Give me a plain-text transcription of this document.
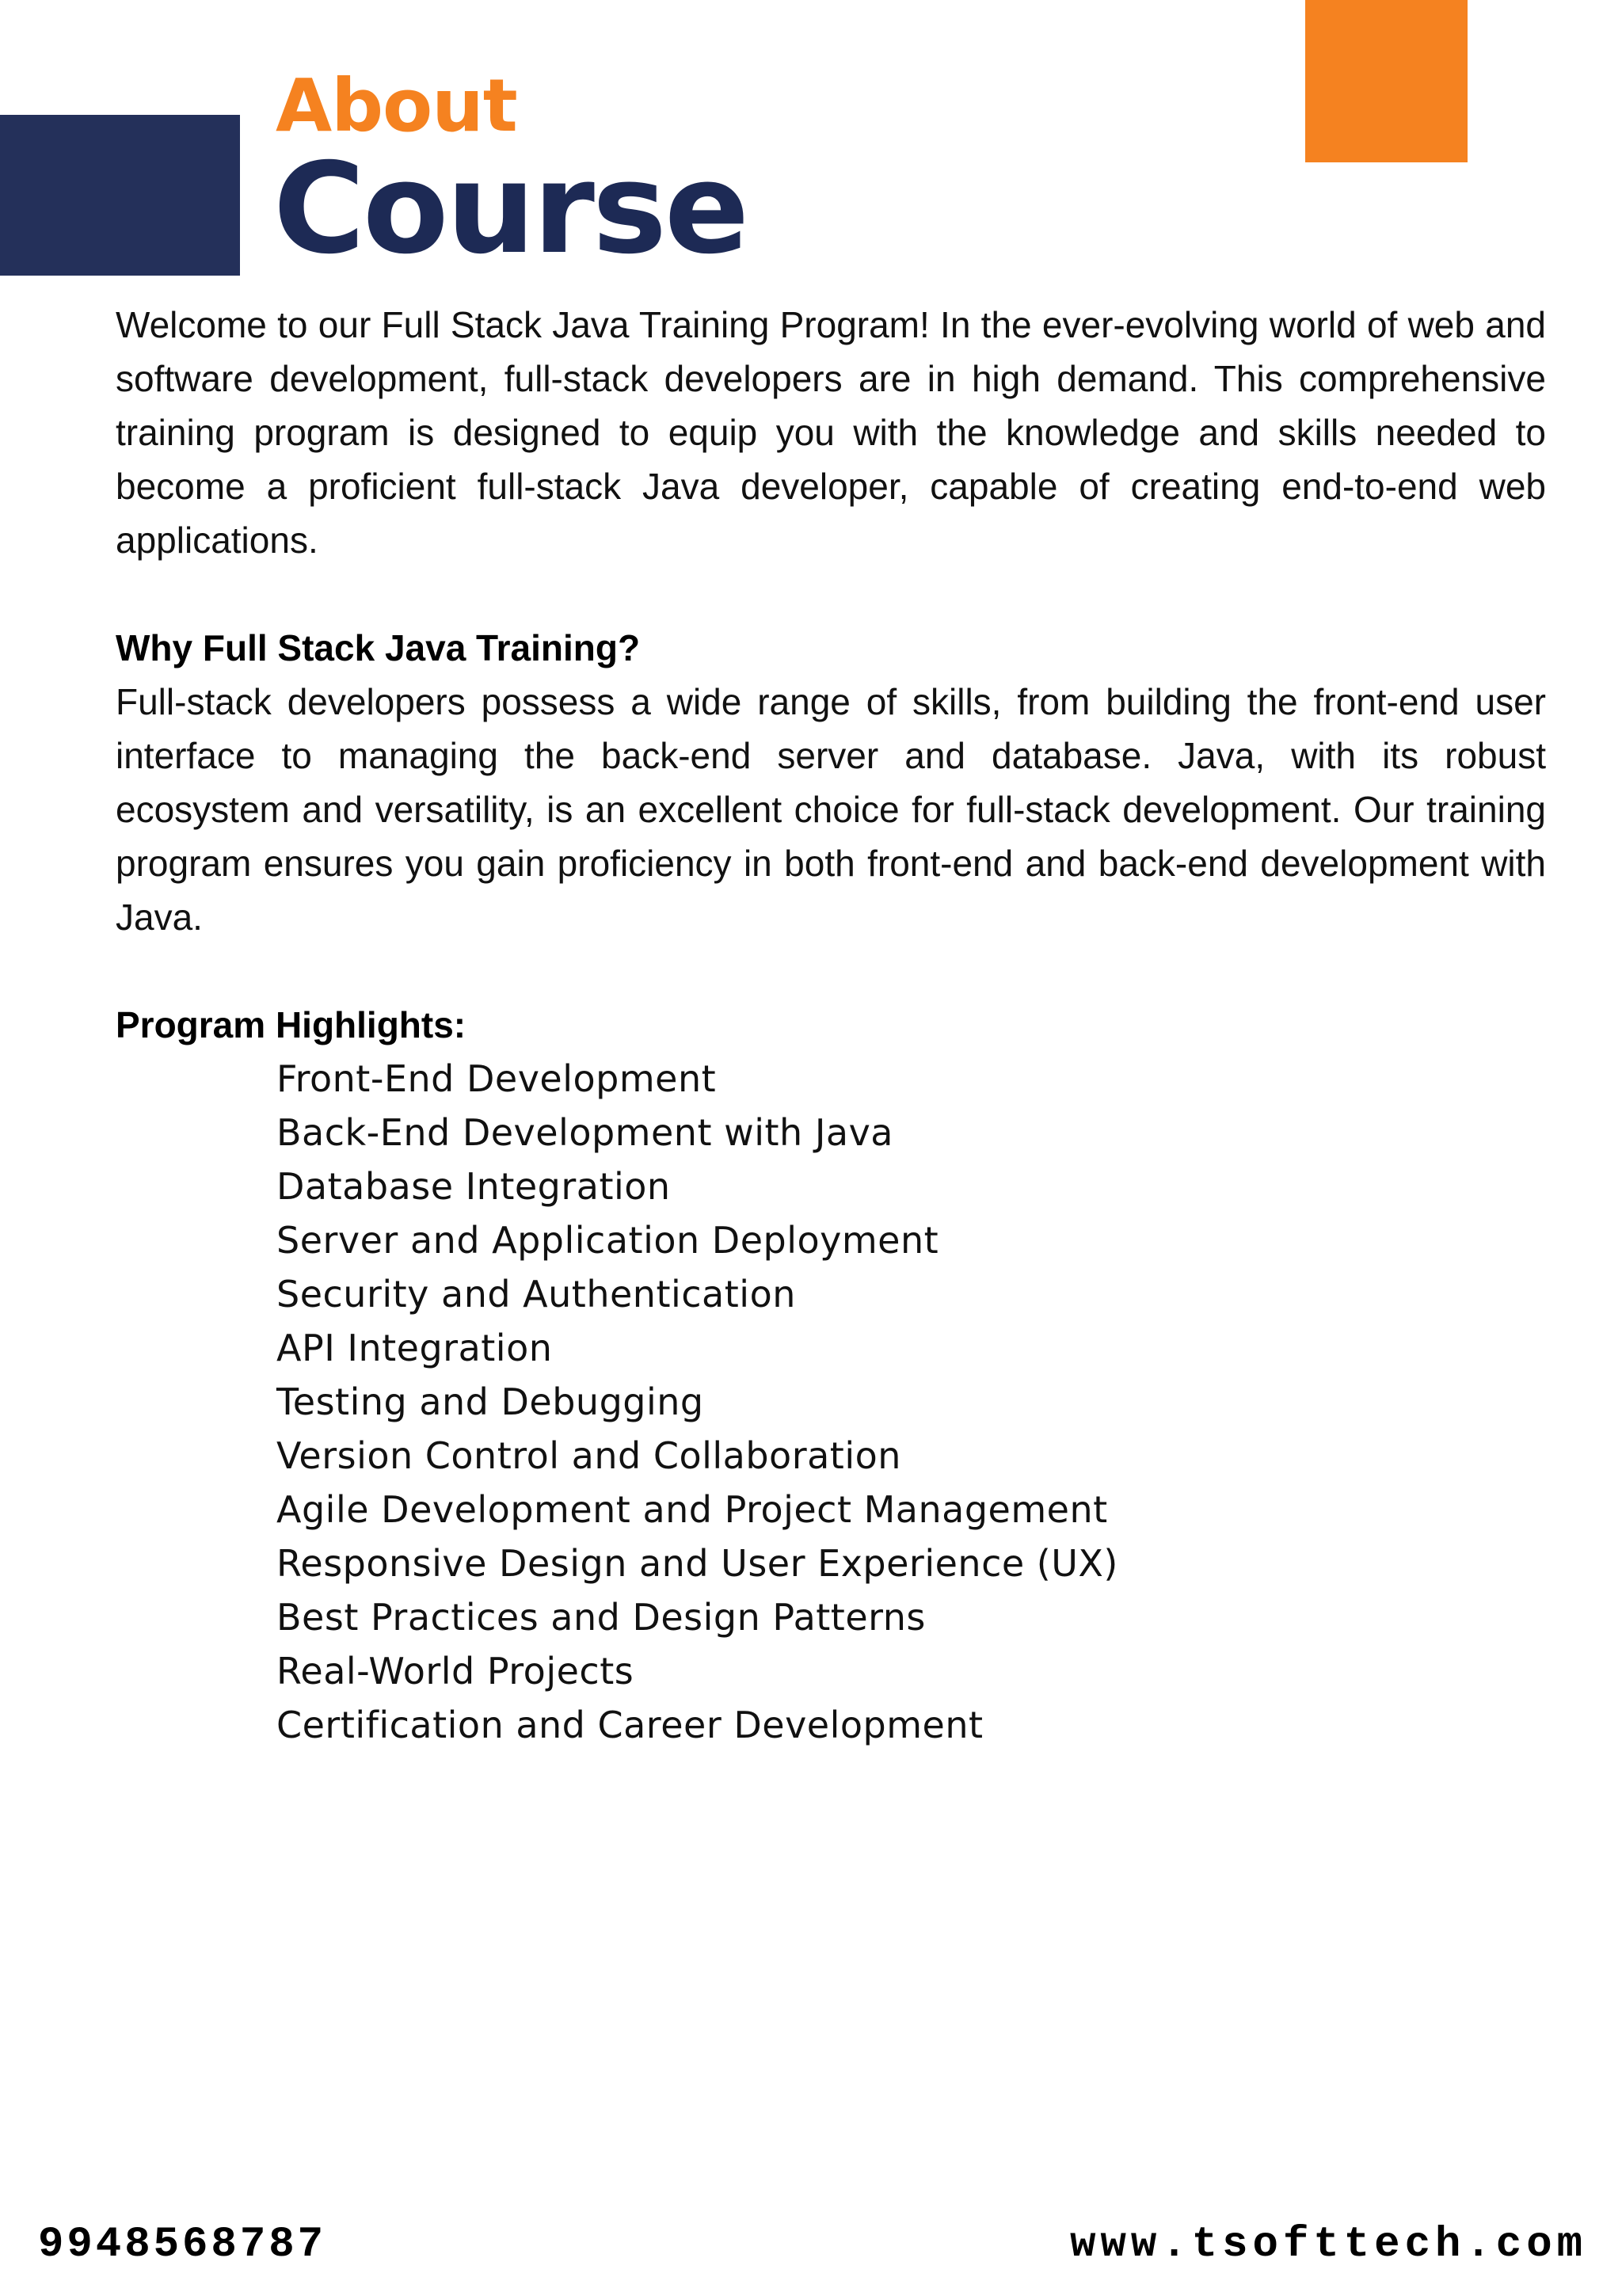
About
Course

Welcome to our Full Stack Java Training Program! In the ever-evolving world of web and software development, full-stack developers are in high demand. This comprehensive training program is designed to equip you with the knowledge and skills needed to become a proficient full-stack Java developer, capable of creating end-to-end web applications.

Why Full Stack Java Training?

Full-stack developers possess a wide range of skills, from building the front-end user interface to managing the back-end server and database. Java, with its robust ecosystem and versatility, is an excellent choice for full-stack development. Our training program ensures you gain proficiency in both front-end and back-end development with Java.

Program Highlights:

Front-End Development
Back-End Development with Java
Database Integration
Server and Application Deployment
Security and Authentication
API Integration
Testing and Debugging
Version Control and Collaboration
Agile Development and Project Management
Responsive Design and User Experience (UX)
Best Practices and Design Patterns
Real-World Projects
Certification and Career Development
9948568787	www.tsofttech.com
